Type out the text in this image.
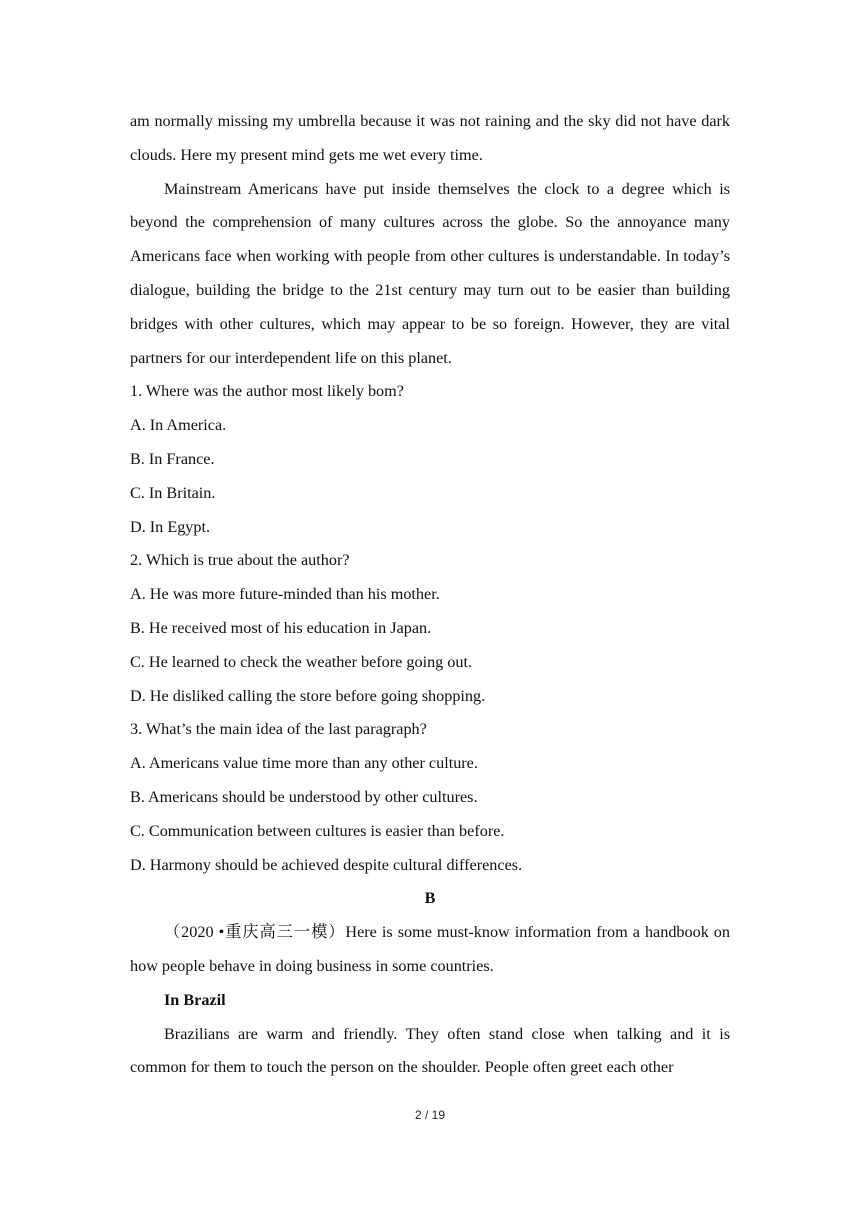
am normally missing my umbrella because it was not raining and the sky did not have dark clouds. Here my present mind gets me wet every time.

Mainstream Americans have put inside themselves the clock to a degree which is beyond the comprehension of many cultures across the globe. So the annoyance many Americans face when working with people from other cultures is understandable. In today’s dialogue, building the bridge to the 21st century may turn out to be easier than building bridges with other cultures, which may appear to be so foreign. However, they are vital partners for our interdependent life on this planet.

1. Where was the author most likely bom?

A. In America.

B. In France.

C. In Britain.

D. In Egypt.

2. Which is true about the author?

A. He was more future-minded than his mother.

B. He received most of his education in Japan.

C. He learned to check the weather before going out.

D. He disliked calling the store before going shopping.

3. What’s the main idea of the last paragraph?

A. Americans value time more than any other culture.

B. Americans should be understood by other cultures.

C. Communication between cultures is easier than before.

D. Harmony should be achieved despite cultural differences.

B

（2020 •重庆高三一模）Here is some must-know information from a handbook on how people behave in doing business in some countries.

In Brazil

Brazilians are warm and friendly. They often stand close when talking and it is common for them to touch the person on the shoulder. People often greet each other

2 / 19
